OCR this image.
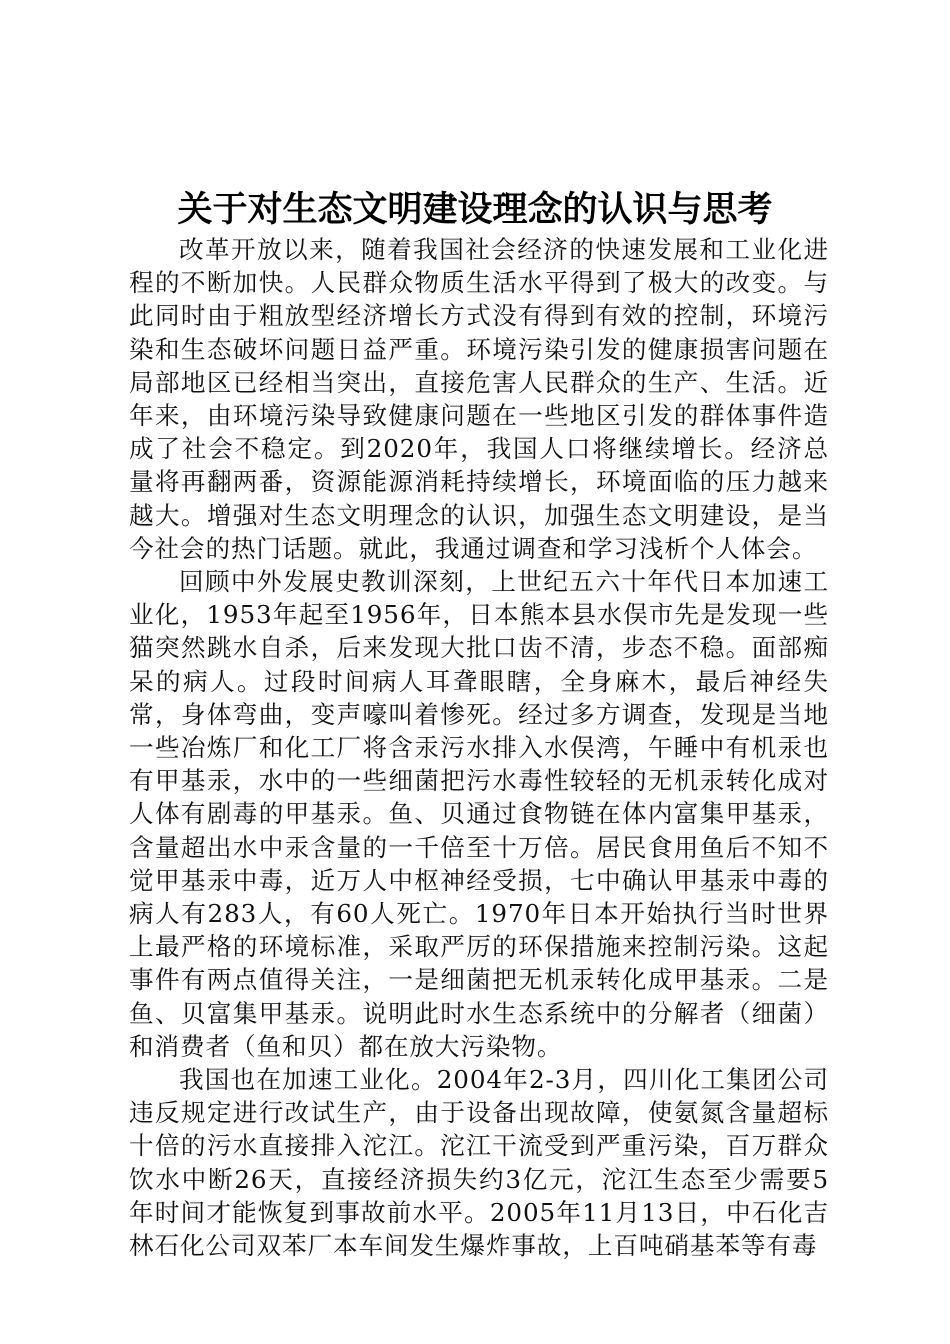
关于对生态文明建设理念的认识与思考

改革开放以来，随着我国社会经济的快速发展和工业化进程的不断加快。人民群众物质生活水平得到了极大的改变。与此同时由于粗放型经济增长方式没有得到有效的控制，环境污染和生态破坏问题日益严重。环境污染引发的健康损害问题在局部地区已经相当突出，直接危害人民群众的生产、生活。近年来，由环境污染导致健康问题在一些地区引发的群体事件造成了社会不稳定。到2020年，我国人口将继续增长。经济总量将再翻两番，资源能源消耗持续增长，环境面临的压力越来越大。增强对生态文明理念的认识，加强生态文明建设，是当今社会的热门话题。就此，我通过调查和学习浅析个人体会。

回顾中外发展史教训深刻，上世纪五六十年代日本加速工业化，1953年起至1956年，日本熊本县水俣市先是发现一些猫突然跳水自杀，后来发现大批口齿不清，步态不稳。面部痴呆的病人。过段时间病人耳聋眼瞎，全身麻木，最后神经失常，身体弯曲，变声嚎叫着惨死。经过多方调查，发现是当地一些冶炼厂和化工厂将含汞污水排入水俣湾，午睡中有机汞也有甲基汞，水中的一些细菌把污水毒性较轻的无机汞转化成对人体有剧毒的甲基汞。鱼、贝通过食物链在体内富集甲基汞，含量超出水中汞含量的一千倍至十万倍。居民食用鱼后不知不觉甲基汞中毒，近万人中枢神经受损，七中确认甲基汞中毒的病人有283人，有60人死亡。1970年日本开始执行当时世界上最严格的环境标准，采取严厉的环保措施来控制污染。这起事件有两点值得关注，一是细菌把无机汞转化成甲基汞。二是鱼、贝富集甲基汞。说明此时水生态系统中的分解者（细菌）和消费者（鱼和贝）都在放大污染物。

我国也在加速工业化。2004年2-3月，四川化工集团公司违反规定进行改试生产，由于设备出现故障，使氨氮含量超标十倍的污水直接排入沱江。沱江干流受到严重污染，百万群众饮水中断26天，直接经济损失约3亿元，沱江生态至少需要5年时间才能恢复到事故前水平。2005年11月13日，中石化吉林石化公司双苯厂本车间发生爆炸事故，上百吨硝基苯等有毒
